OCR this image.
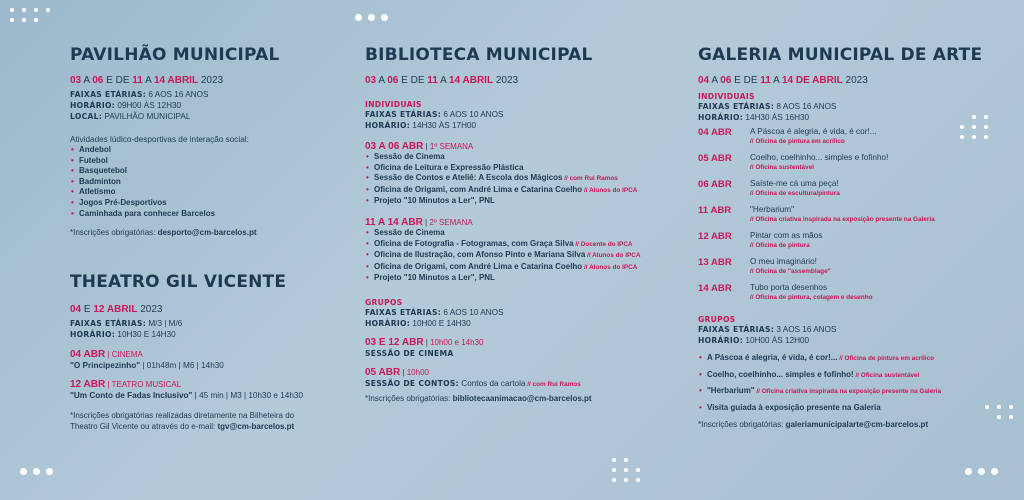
PAVILHÃO MUNICIPAL
03 A 06 E DE 11 A 14 ABRIL 2023
FAIXAS ETÁRIAS: 6 AOS 16 ANOS
HORÁRIO: 09H00 ÀS 12H30
LOCAL: PAVILHÃO MUNICIPAL
Atividades lúdico-desportivas de interação social:
• Andebol
• Futebol
• Basquetebol
• Badminton
• Atletismo
• Jogos Pré-Desportivos
• Caminhada para conhecer Barcelos
*Inscrições obrigatórias: desporto@cm-barcelos.pt
THEATRO GIL VICENTE
04 E 12 ABRIL 2023
FAIXAS ETÁRIAS: M/3 | M/6
HORÁRIO: 10H30 E 14H30
04 ABR | CINEMA
"O Principezinho" | 01h48m | M6 | 14h30
12 ABR | TEATRO MUSICAL
"Um Conto de Fadas Inclusivo" | 45 min | M3 | 10h30 e 14h30
*Inscrições obrigatórias realizadas diretamente na Bilheteira do
Theatro Gil Vicente ou através do e-mail: tgv@cm-barcelos.pt
BIBLIOTECA MUNICIPAL
03 A 06 E DE 11 A 14 ABRIL 2023
INDIVIDUAIS
FAIXAS ETÁRIAS: 6 AOS 10 ANOS
HORÁRIO: 14H30 ÀS 17H00
03 A 06 ABR | 1º SEMANA
• Sessão de Cinema
• Oficina de Leitura e Expressão Plástica
• Sessão de Contos e Ateliê: A Escola dos Mágicos // com Rui Ramos
• Oficina de Origami, com André Lima e Catarina Coelho // Alunos do IPCA
• Projeto "10 Minutos a Ler", PNL
11 A 14 ABR | 2º SEMANA
• Sessão de Cinema
• Oficina de Fotografia - Fotogramas, com Graça Silva // Docente do IPCA
• Oficina de Ilustração, com Afonso Pinto e Mariana Silva // Alunos do IPCA
• Oficina de Origami, com André Lima e Catarina Coelho // Alunos do IPCA
• Projeto "10 Minutos a Ler", PNL
GRUPOS
FAIXAS ETÁRIAS: 6 AOS 10 ANOS
HORÁRIO: 10H00 E 14H30
03 E 12 ABR | 10h00 e 14h30
SESSÃO DE CINEMA
05 ABR | 10h00
SESSÃO DE CONTOS: Contos da cartola // com Rui Ramos
*Inscrições obrigatórias: bibliotecaanimacao@cm-barcelos.pt
GALERIA MUNICIPAL DE ARTE
04 A 06 E DE 11 A 14 DE ABRIL 2023
INDIVIDUAIS
FAIXAS ETÁRIAS: 8 AOS 16 ANOS
HORÁRIO: 14H30 ÀS 16H30
04 ABR	A Páscoa é alegria, é vida, é cor!...
// Oficina de pintura em acrílico
05 ABR	Coelho, coelhinho... simples e fofinho!
// Oficina sustentável
06 ABR	Saíste-me cá uma peça!
// Oficina de escultura/pintura
11 ABR	"Herbarium"
// Oficina criativa inspirada na exposição presente na Galeria
12 ABR	Pintar com as mãos
// Oficina de pintura
13 ABR	O meu imaginário!
// Oficina de "assemblage"
14 ABR	Tubo porta desenhos
// Oficina de pintura, colagem e desenho
GRUPOS
FAIXAS ETÁRIAS: 3 AOS 16 ANOS
HORÁRIO: 10H00 ÀS 12H00
• A Páscoa é alegria, é vida, é cor!... // Oficina de pintura em acrílico
• Coelho, coelhinho... simples e fofinho! // Oficina sustentável
• "Herbarium" // Oficina criativa inspirada na exposição presente na Galeria
• Visita guiada à exposição presente na Galeria
*Inscrições obrigatórias: galeriamunicipalarte@cm-barcelos.pt
